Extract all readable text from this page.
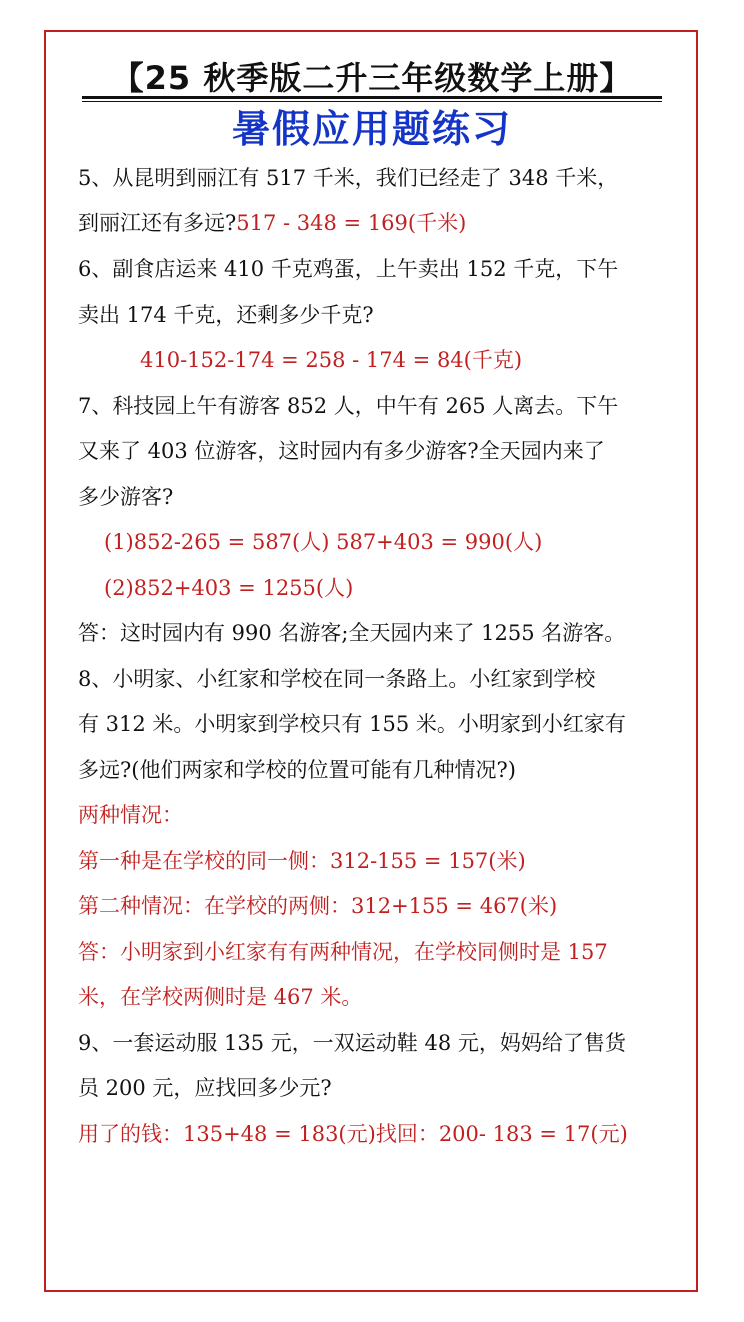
【25 秋季版二升三年级数学上册】
暑假应用题练习
5、从昆明到丽江有 517 千米，我们已经走了 348 千米，
到丽江还有多远?517 - 348 = 169(千米)
6、副食店运来 410 千克鸡蛋，上午卖出 152 千克，下午
卖出 174 千克，还剩多少千克?
410-152-174 = 258 - 174 = 84(千克)
7、科技园上午有游客 852 人，中午有 265 人离去。下午
又来了 403 位游客，这时园内有多少游客?全天园内来了
多少游客?
(1)852-265 = 587(人) 587+403 = 990(人)
(2)852+403 = 1255(人)
答：这时园内有 990 名游客;全天园内来了 1255 名游客。
8、小明家、小红家和学校在同一条路上。小红家到学校
有 312 米。小明家到学校只有 155 米。小明家到小红家有
多远?(他们两家和学校的位置可能有几种情况?)
两种情况：
第一种是在学校的同一侧：312-155 = 157(米)
第二种情况：在学校的两侧：312+155 = 467(米)
答：小明家到小红家有有两种情况，在学校同侧时是 157
米，在学校两侧时是 467 米。
9、一套运动服 135 元，一双运动鞋 48 元，妈妈给了售货
员 200 元，应找回多少元?
用了的钱：135+48 = 183(元)找回：200- 183 = 17(元)
